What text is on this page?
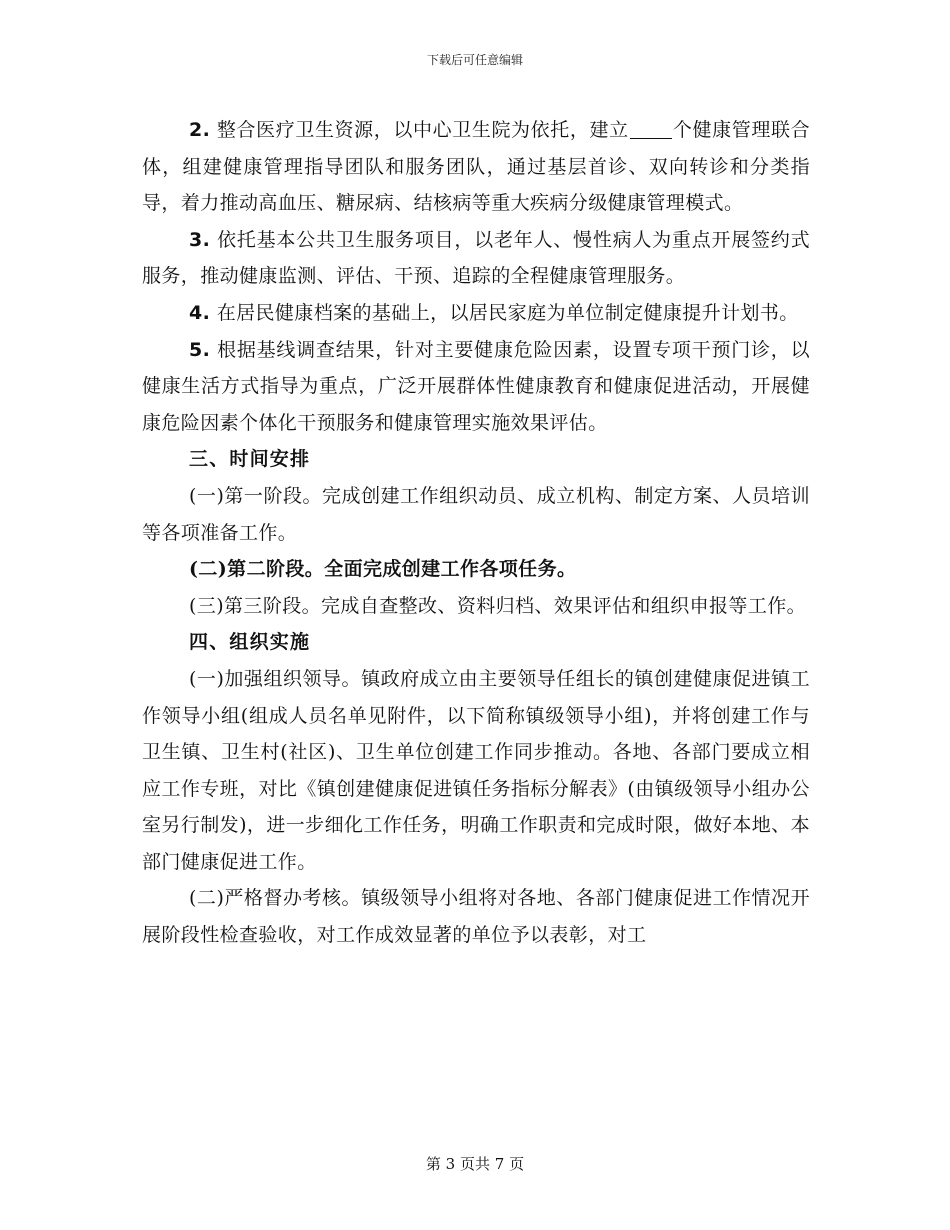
下载后可任意编辑

2. 整合医疗卫生资源，以中心卫生院为依托，建立 个健康管理联合体，组建健康管理指导团队和服务团队，通过基层首诊、双向转诊和分类指导，着力推动高血压、糖尿病、结核病等重大疾病分级健康管理模式。

3. 依托基本公共卫生服务项目，以老年人、慢性病人为重点开展签约式服务，推动健康监测、评估、干预、追踪的全程健康管理服务。

4. 在居民健康档案的基础上，以居民家庭为单位制定健康提升计划书。

5. 根据基线调查结果，针对主要健康危险因素，设置专项干预门诊，以健康生活方式指导为重点，广泛开展群体性健康教育和健康促进活动，开展健康危险因素个体化干预服务和健康管理实施效果评估。

三、时间安排

(一)第一阶段。完成创建工作组织动员、成立机构、制定方案、人员培训等各项准备工作。

(二)第二阶段。全面完成创建工作各项任务。

(三)第三阶段。完成自查整改、资料归档、效果评估和组织申报等工作。

四、组织实施

(一)加强组织领导。镇政府成立由主要领导任组长的镇创建健康促进镇工作领导小组(组成人员名单见附件，以下简称镇级领导小组)，并将创建工作与卫生镇、卫生村(社区)、卫生单位创建工作同步推动。各地、各部门要成立相应工作专班，对比《镇创建健康促进镇任务指标分解表》(由镇级领导小组办公室另行制发)，进一步细化工作任务，明确工作职责和完成时限，做好本地、本部门健康促进工作。

(二)严格督办考核。镇级领导小组将对各地、各部门健康促进工作情况开展阶段性检查验收，对工作成效显著的单位予以表彰，对工

第 3 页共 7 页
